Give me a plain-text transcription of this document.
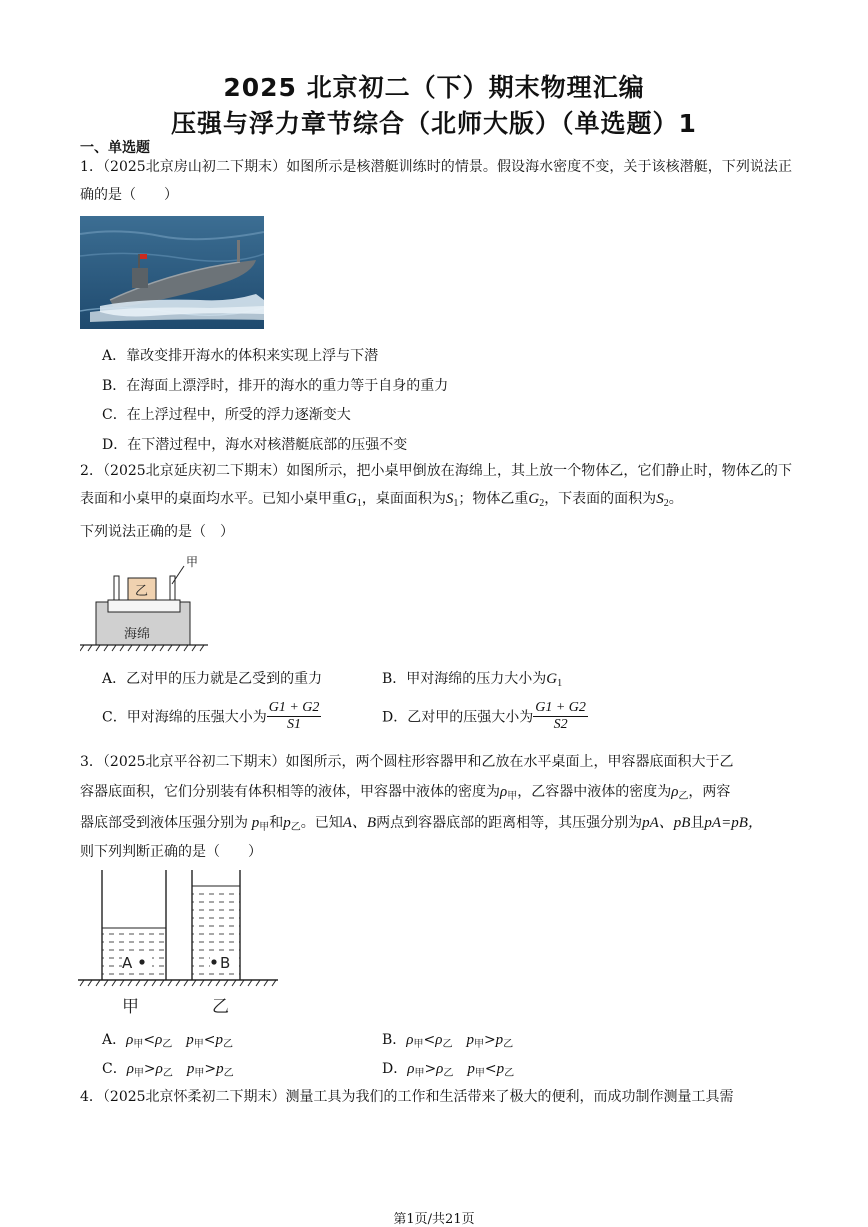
2025 北京初二（下）期末物理汇编
压强与浮力章节综合（北师大版）（单选题）1
一、单选题
1．（2025北京房山初二下期末）如图所示是核潜艇训练时的情景。假设海水密度不变，关于该核潜艇，下列说法正确的是（　　）
A．靠改变排开海水的体积来实现上浮与下潜
B．在海面上漂浮时，排开的海水的重力等于自身的重力
C．在上浮过程中，所受的浮力逐渐变大
D．在下潜过程中，海水对核潜艇底部的压强不变
2．（2025北京延庆初二下期末）如图所示，把小桌甲倒放在海绵上，其上放一个物体乙，它们静止时，物体乙的下表面和小桌甲的桌面均水平。已知小桌甲重$G_1$，桌面面积为$S_1$；物体乙重$G_2$，下表面的面积为$S_2$。
下列说法正确的是（　）
海绵
乙
甲
A．乙对甲的压力就是乙受到的重力	B．甲对海绵的压力大小为$G_1$
C．甲对海绵的压强大小为 $\frac{G1 + G2}{S1}$	D．乙对甲的压强大小为 $\frac{G1 + G2}{S2}$
3．（2025北京平谷初二下期末）如图所示，两个圆柱形容器甲和乙放在水平桌面上，甲容器底面积大于乙
容器底面积，它们分别装有体积相等的液体，甲容器中液体的密度为$\rho_甲$，乙容器中液体的密度为$\rho_乙$，两容
器底部受到液体压强分别为 $p_甲$和$p_乙$。已知A、B两点到容器底部的距离相等，其压强分别为pA、pB且pA=pB，
则下列判断正确的是（　　）
A	B
甲	乙
A．$\rho_甲<\rho_乙$　 $p_甲<p_乙$	B．$\rho_甲<\rho_乙$　 $p_甲>p_乙$
C．$\rho_甲>\rho_乙$　 $p_甲>p_乙$	D．$\rho_甲>\rho_乙$　 $p_甲<p_乙$
4．（2025北京怀柔初二下期末）测量工具为我们的工作和生活带来了极大的便利，而成功制作测量工具需
第1页/共21页
